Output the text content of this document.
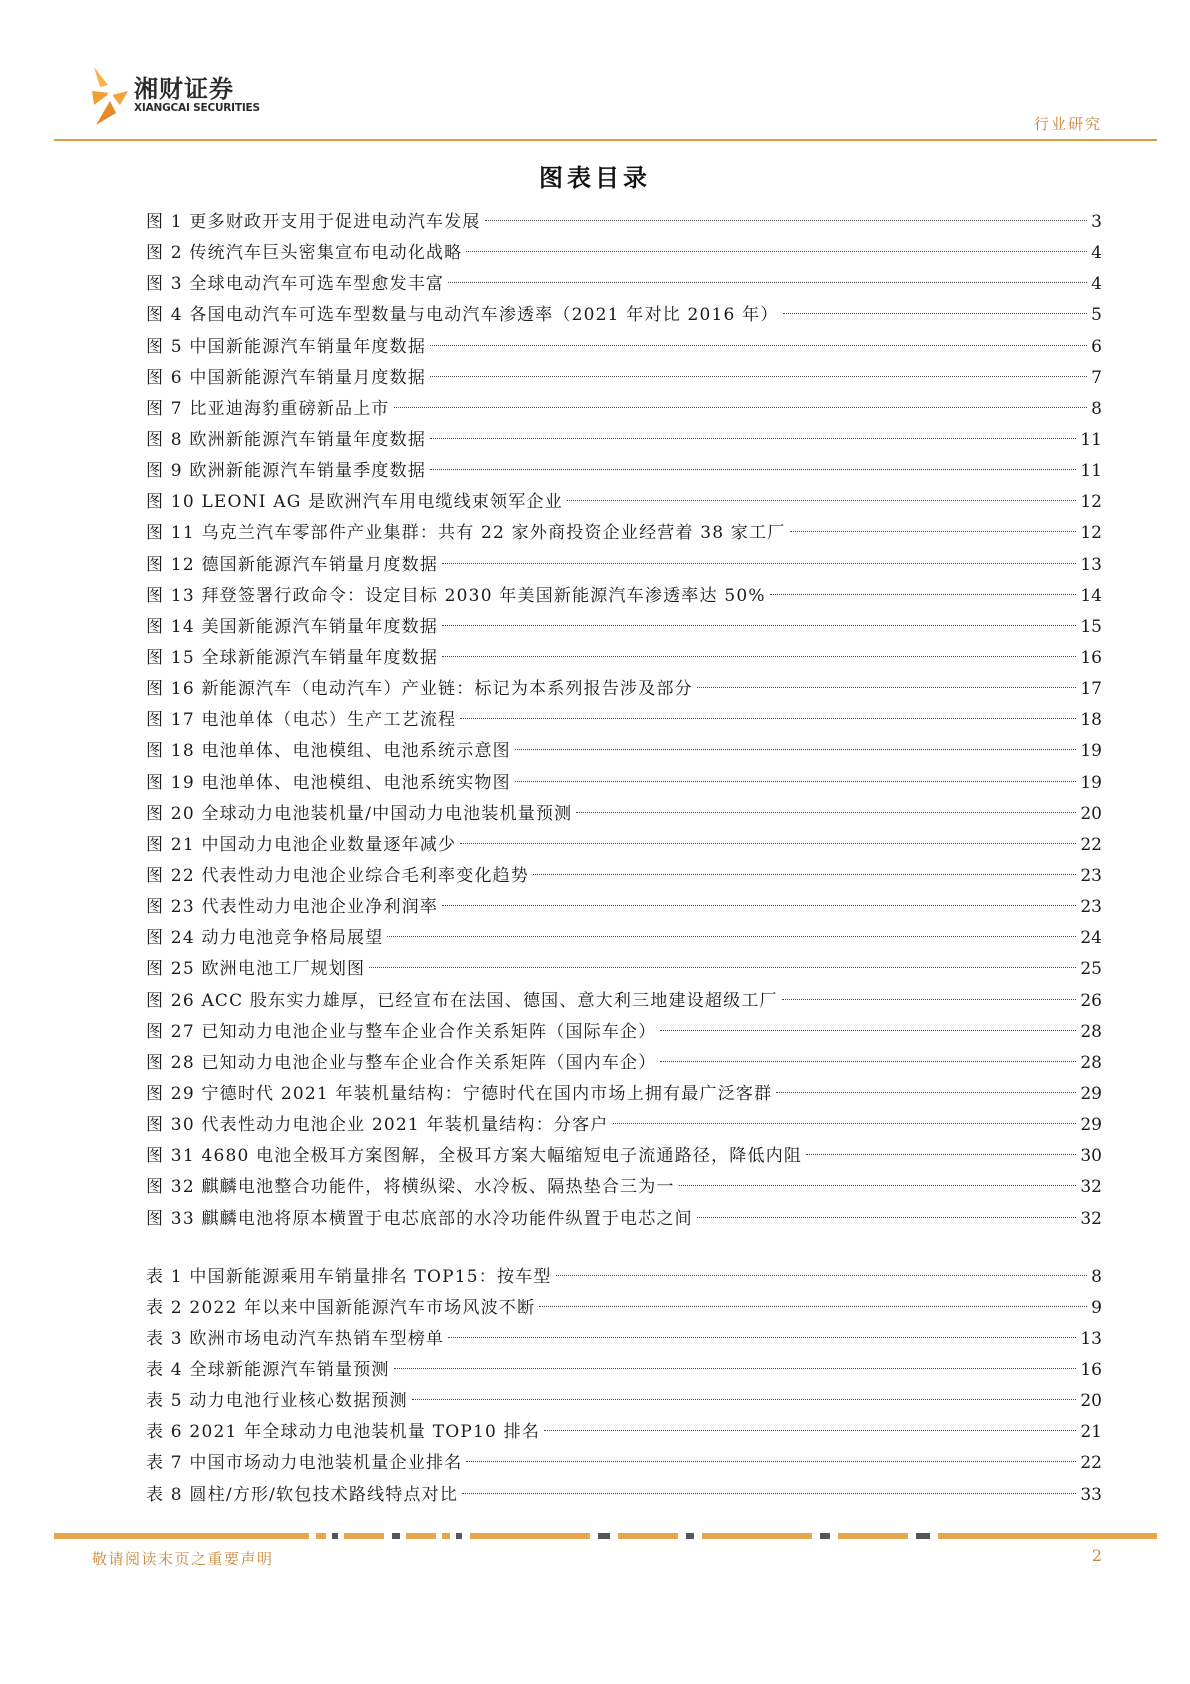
湘财证券
XIANGCAI SECURITIES
行业研究
图表目录
图 1 更多财政开支用于促进电动汽车发展	3
图 2 传统汽车巨头密集宣布电动化战略	4
图 3 全球电动汽车可选车型愈发丰富	4
图 4 各国电动汽车可选车型数量与电动汽车渗透率（2021 年对比 2016 年）	5
图 5 中国新能源汽车销量年度数据	6
图 6 中国新能源汽车销量月度数据	7
图 7 比亚迪海豹重磅新品上市	8
图 8 欧洲新能源汽车销量年度数据	11
图 9 欧洲新能源汽车销量季度数据	11
图 10 LEONI AG 是欧洲汽车用电缆线束领军企业	12
图 11 乌克兰汽车零部件产业集群：共有 22 家外商投资企业经营着 38 家工厂	12
图 12 德国新能源汽车销量月度数据	13
图 13 拜登签署行政命令：设定目标 2030 年美国新能源汽车渗透率达 50%	14
图 14 美国新能源汽车销量年度数据	15
图 15 全球新能源汽车销量年度数据	16
图 16 新能源汽车（电动汽车）产业链：标记为本系列报告涉及部分	17
图 17 电池单体（电芯）生产工艺流程	18
图 18 电池单体、电池模组、电池系统示意图	19
图 19 电池单体、电池模组、电池系统实物图	19
图 20 全球动力电池装机量/中国动力电池装机量预测	20
图 21 中国动力电池企业数量逐年减少	22
图 22 代表性动力电池企业综合毛利率变化趋势	23
图 23 代表性动力电池企业净利润率	23
图 24 动力电池竞争格局展望	24
图 25 欧洲电池工厂规划图	25
图 26 ACC 股东实力雄厚，已经宣布在法国、德国、意大利三地建设超级工厂	26
图 27 已知动力电池企业与整车企业合作关系矩阵（国际车企）	28
图 28 已知动力电池企业与整车企业合作关系矩阵（国内车企）	28
图 29 宁德时代 2021 年装机量结构：宁德时代在国内市场上拥有最广泛客群	29
图 30 代表性动力电池企业 2021 年装机量结构：分客户	29
图 31 4680 电池全极耳方案图解，全极耳方案大幅缩短电子流通路径，降低内阻	30
图 32 麒麟电池整合功能件，将横纵梁、水冷板、隔热垫合三为一	32
图 33 麒麟电池将原本横置于电芯底部的水冷功能件纵置于电芯之间	32
表 1 中国新能源乘用车销量排名 TOP15：按车型	8
表 2 2022 年以来中国新能源汽车市场风波不断	9
表 3 欧洲市场电动汽车热销车型榜单	13
表 4 全球新能源汽车销量预测	16
表 5 动力电池行业核心数据预测	20
表 6 2021 年全球动力电池装机量 TOP10 排名	21
表 7 中国市场动力电池装机量企业排名	22
表 8 圆柱/方形/软包技术路线特点对比	33
敬请阅读末页之重要声明	2
